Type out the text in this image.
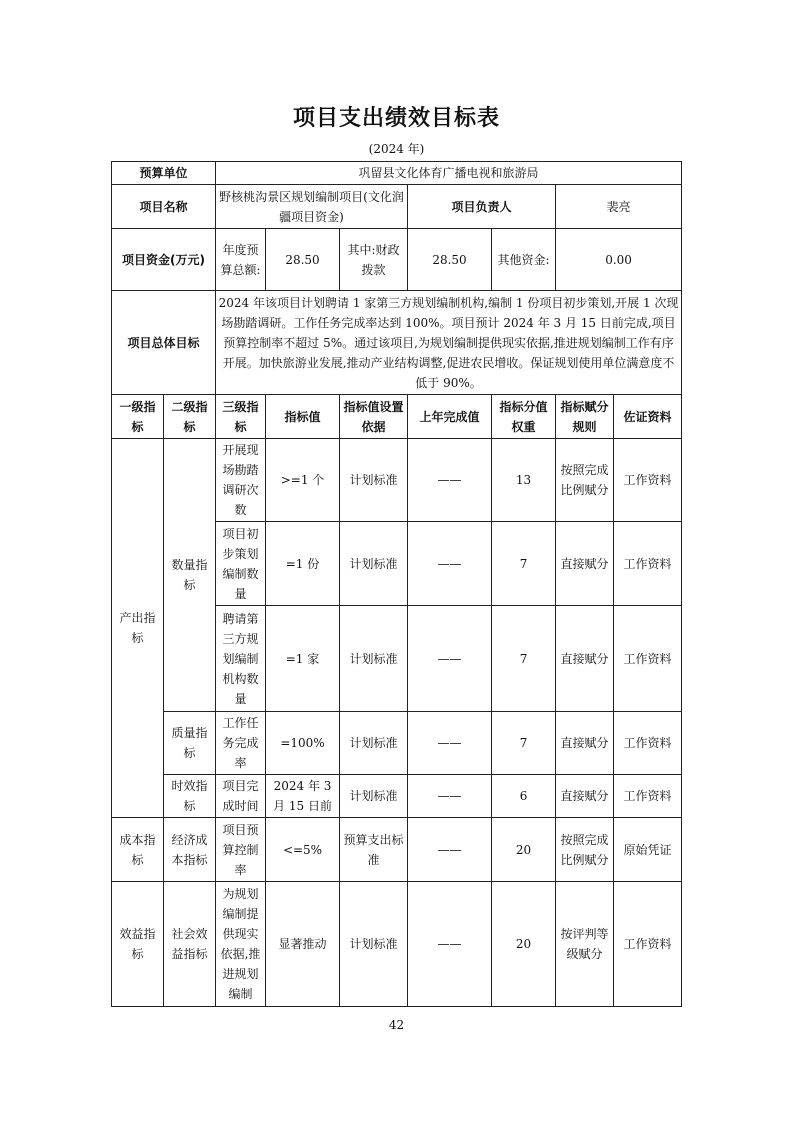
项目支出绩效目标表
(2024 年)
预算单位		巩留县文化体育广播电视和旅游局						
项目名称		野核桃沟景区规划编制项目(文化润疆项目资金)			项目负责人		裴亮	
项目资金(万元)		年度预算总额:	28.50	其中:财政拨款	28.50	其他资金:	0.00	
项目总体目标		2024 年该项目计划聘请 1 家第三方规划编制机构,编制 1 份项目初步策划,开展 1 次现场勘踏调研。工作任务完成率达到 100%。项目预计 2024 年 3 月 15 日前完成,项目预算控制率不超过 5%。通过该项目,为规划编制提供现实依据,推进规划编制工作有序开展。加快旅游业发展,推动产业结构调整,促进农民增收。保证规划使用单位满意度不低于 90%。						
一级指标	二级指标	三级指标	指标值	指标值设置依据	上年完成值	指标分值权重	指标赋分规则	佐证资料
产出指标	数量指标	开展现场勘踏调研次数	>=1 个	计划标准	——	13	按照完成比例赋分	工作资料
		项目初步策划编制数量	=1 份	计划标准	——	7	直接赋分	工作资料
		聘请第三方规划编制机构数量	=1 家	计划标准	——	7	直接赋分	工作资料
	质量指标	工作任务完成率	=100%	计划标准	——	7	直接赋分	工作资料
	时效指标	项目完成时间	2024 年 3 月 15 日前	计划标准	——	6	直接赋分	工作资料
成本指标	经济成本指标	项目预算控制率	<=5%	预算支出标准	——	20	按照完成比例赋分	原始凭证
效益指标	社会效益指标	为规划编制提供现实依据,推进规划编制	显著推动	计划标准	——	20	按评判等级赋分	工作资料
42
